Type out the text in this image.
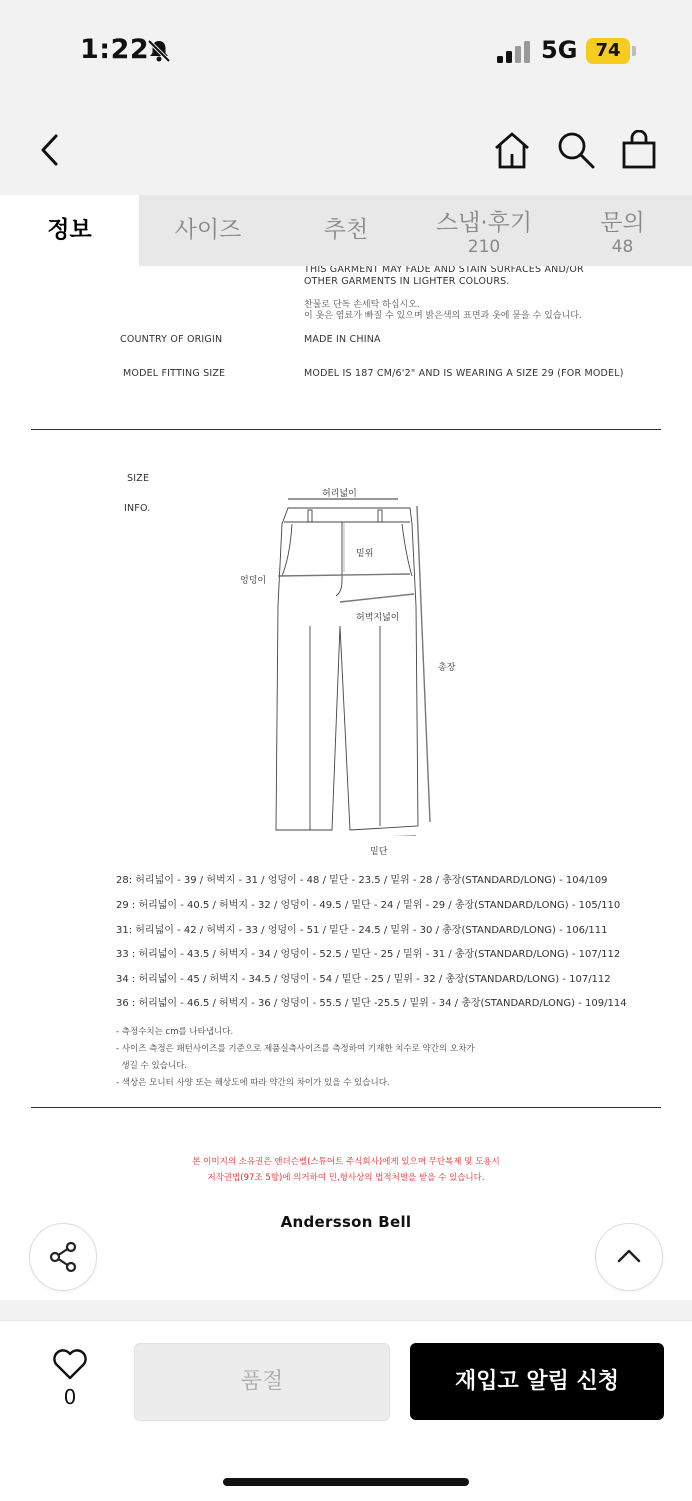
1:22	5G	74
정보	사이즈	추천	스냅·후기
210
문의
48
THIS GARMENT MAY FADE AND STAIN SURFACES AND/OR
OTHER GARMENTS IN LIGHTER COLOURS.
찬물로 단독 손세탁 하십시오.
이 옷은 염료가 빠질 수 있으며 밝은색의 표면과 옷에 묻을 수 있습니다.
COUNTRY OF ORIGIN	MADE IN CHINA
MODEL FITTING SIZE	MODEL IS 187 CM/6'2" AND IS WEARING A SIZE 29 (FOR MODEL)
SIZE
INFO.
허리넓이
밑위
엉덩이
허벅지넓이
총장
밑단
28: 허리넓이 - 39 / 허벅지 - 31 / 엉덩이 - 48 / 밑단 - 23.5 / 밑위 - 28 / 총장(STANDARD/LONG) - 104/109
29 : 허리넓이 - 40.5 / 허벅지 - 32 / 엉덩이 - 49.5 / 밑단 - 24 / 밑위 - 29 / 총장(STANDARD/LONG) - 105/110
31: 허리넓이 - 42 / 허벅지 - 33 / 엉덩이 - 51 / 밑단 - 24.5 / 밑위 - 30 / 총장(STANDARD/LONG) - 106/111
33 : 허리넓이 - 43.5 / 허벅지 - 34 / 엉덩이 - 52.5 / 밑단 - 25 / 밑위 - 31 / 총장(STANDARD/LONG) - 107/112
34 : 허리넓이 - 45 / 허벅지 - 34.5 / 엉덩이 - 54 / 밑단 - 25 / 밑위 - 32 / 총장(STANDARD/LONG) - 107/112
36 : 허리넓이 - 46.5 / 허벅지 - 36 / 엉덩이 - 55.5 / 밑단 -25.5 / 밑위 - 34 / 총장(STANDARD/LONG) - 109/114
- 측정수치는 cm를 나타냅니다.
- 사이즈 측정은 패턴사이즈를 기준으로 제품실측사이즈를 측정하여 기재한 치수로 약간의 오차가
생길 수 있습니다.
- 색상은 모니터 사양 또는 해상도에 따라 약간의 차이가 있을 수 있습니다.
본 이미지의 소유권은 앤더슨벨(스튜어트 주식회사)에게 있으며 무단복제 및 도용시
저작권법(97조 5항)에 의거하여 민,형사상의 법적처벌을 받을 수 있습니다.
Andersson Bell
0
품절	재입고 알림 신청
